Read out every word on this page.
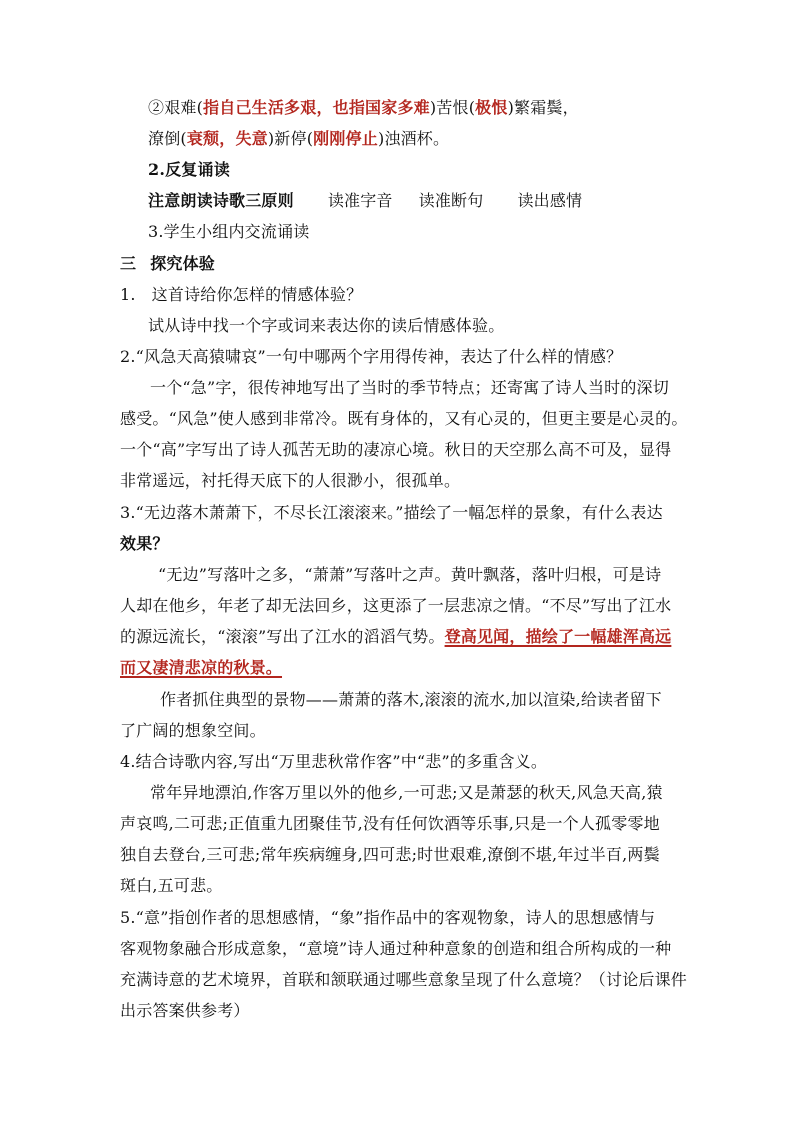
②艰难(指自己生活多艰，也指国家多难)苦恨(极恨)繁霜鬓，
潦倒(衰颓，失意)新停(刚刚停止)浊酒杯。
2.反复诵读
注意朗读诗歌三原则 读准字音 读准断句 读出感情
3.学生小组内交流诵读
三 探究体验
1. 这首诗给你怎样的情感体验？
试从诗中找一个字或词来表达你的读后情感体验。
2.“风急天高猿啸哀”一句中哪两个字用得传神，表达了什么样的情感？
一个“急”字，很传神地写出了当时的季节特点；还寄寓了诗人当时的深切
感受。“风急”使人感到非常冷。既有身体的，又有心灵的，但更主要是心灵的。
一个“高”字写出了诗人孤苦无助的凄凉心境。秋日的天空那么高不可及，显得
非常遥远，衬托得天底下的人很渺小，很孤单。
3.“无边落木萧萧下，不尽长江滚滚来。”描绘了一幅怎样的景象，有什么表达
效果？
“无边”写落叶之多，“萧萧”写落叶之声。黄叶飘落，落叶归根，可是诗
人却在他乡，年老了却无法回乡，这更添了一层悲凉之情。“不尽”写出了江水
的源远流长，“滚滚”写出了江水的滔滔气势。登高见闻，描绘了一幅雄浑高远
而又凄清悲凉的秋景。
作者抓住典型的景物——萧萧的落木,滚滚的流水,加以渲染,给读者留下
了广阔的想象空间。
4.结合诗歌内容,写出“万里悲秋常作客”中“悲”的多重含义。
常年异地漂泊,作客万里以外的他乡,一可悲;又是萧瑟的秋天,风急天高,猿
声哀鸣,二可悲;正值重九团聚佳节,没有任何饮酒等乐事,只是一个人孤零零地
独自去登台,三可悲;常年疾病缠身,四可悲;时世艰难,潦倒不堪,年过半百,两鬓
斑白,五可悲。
5.“意”指创作者的思想感情，“象”指作品中的客观物象，诗人的思想感情与
客观物象融合形成意象，“意境”诗人通过种种意象的创造和组合所构成的一种
充满诗意的艺术境界，首联和颔联通过哪些意象呈现了什么意境？（讨论后课件
出示答案供参考）
